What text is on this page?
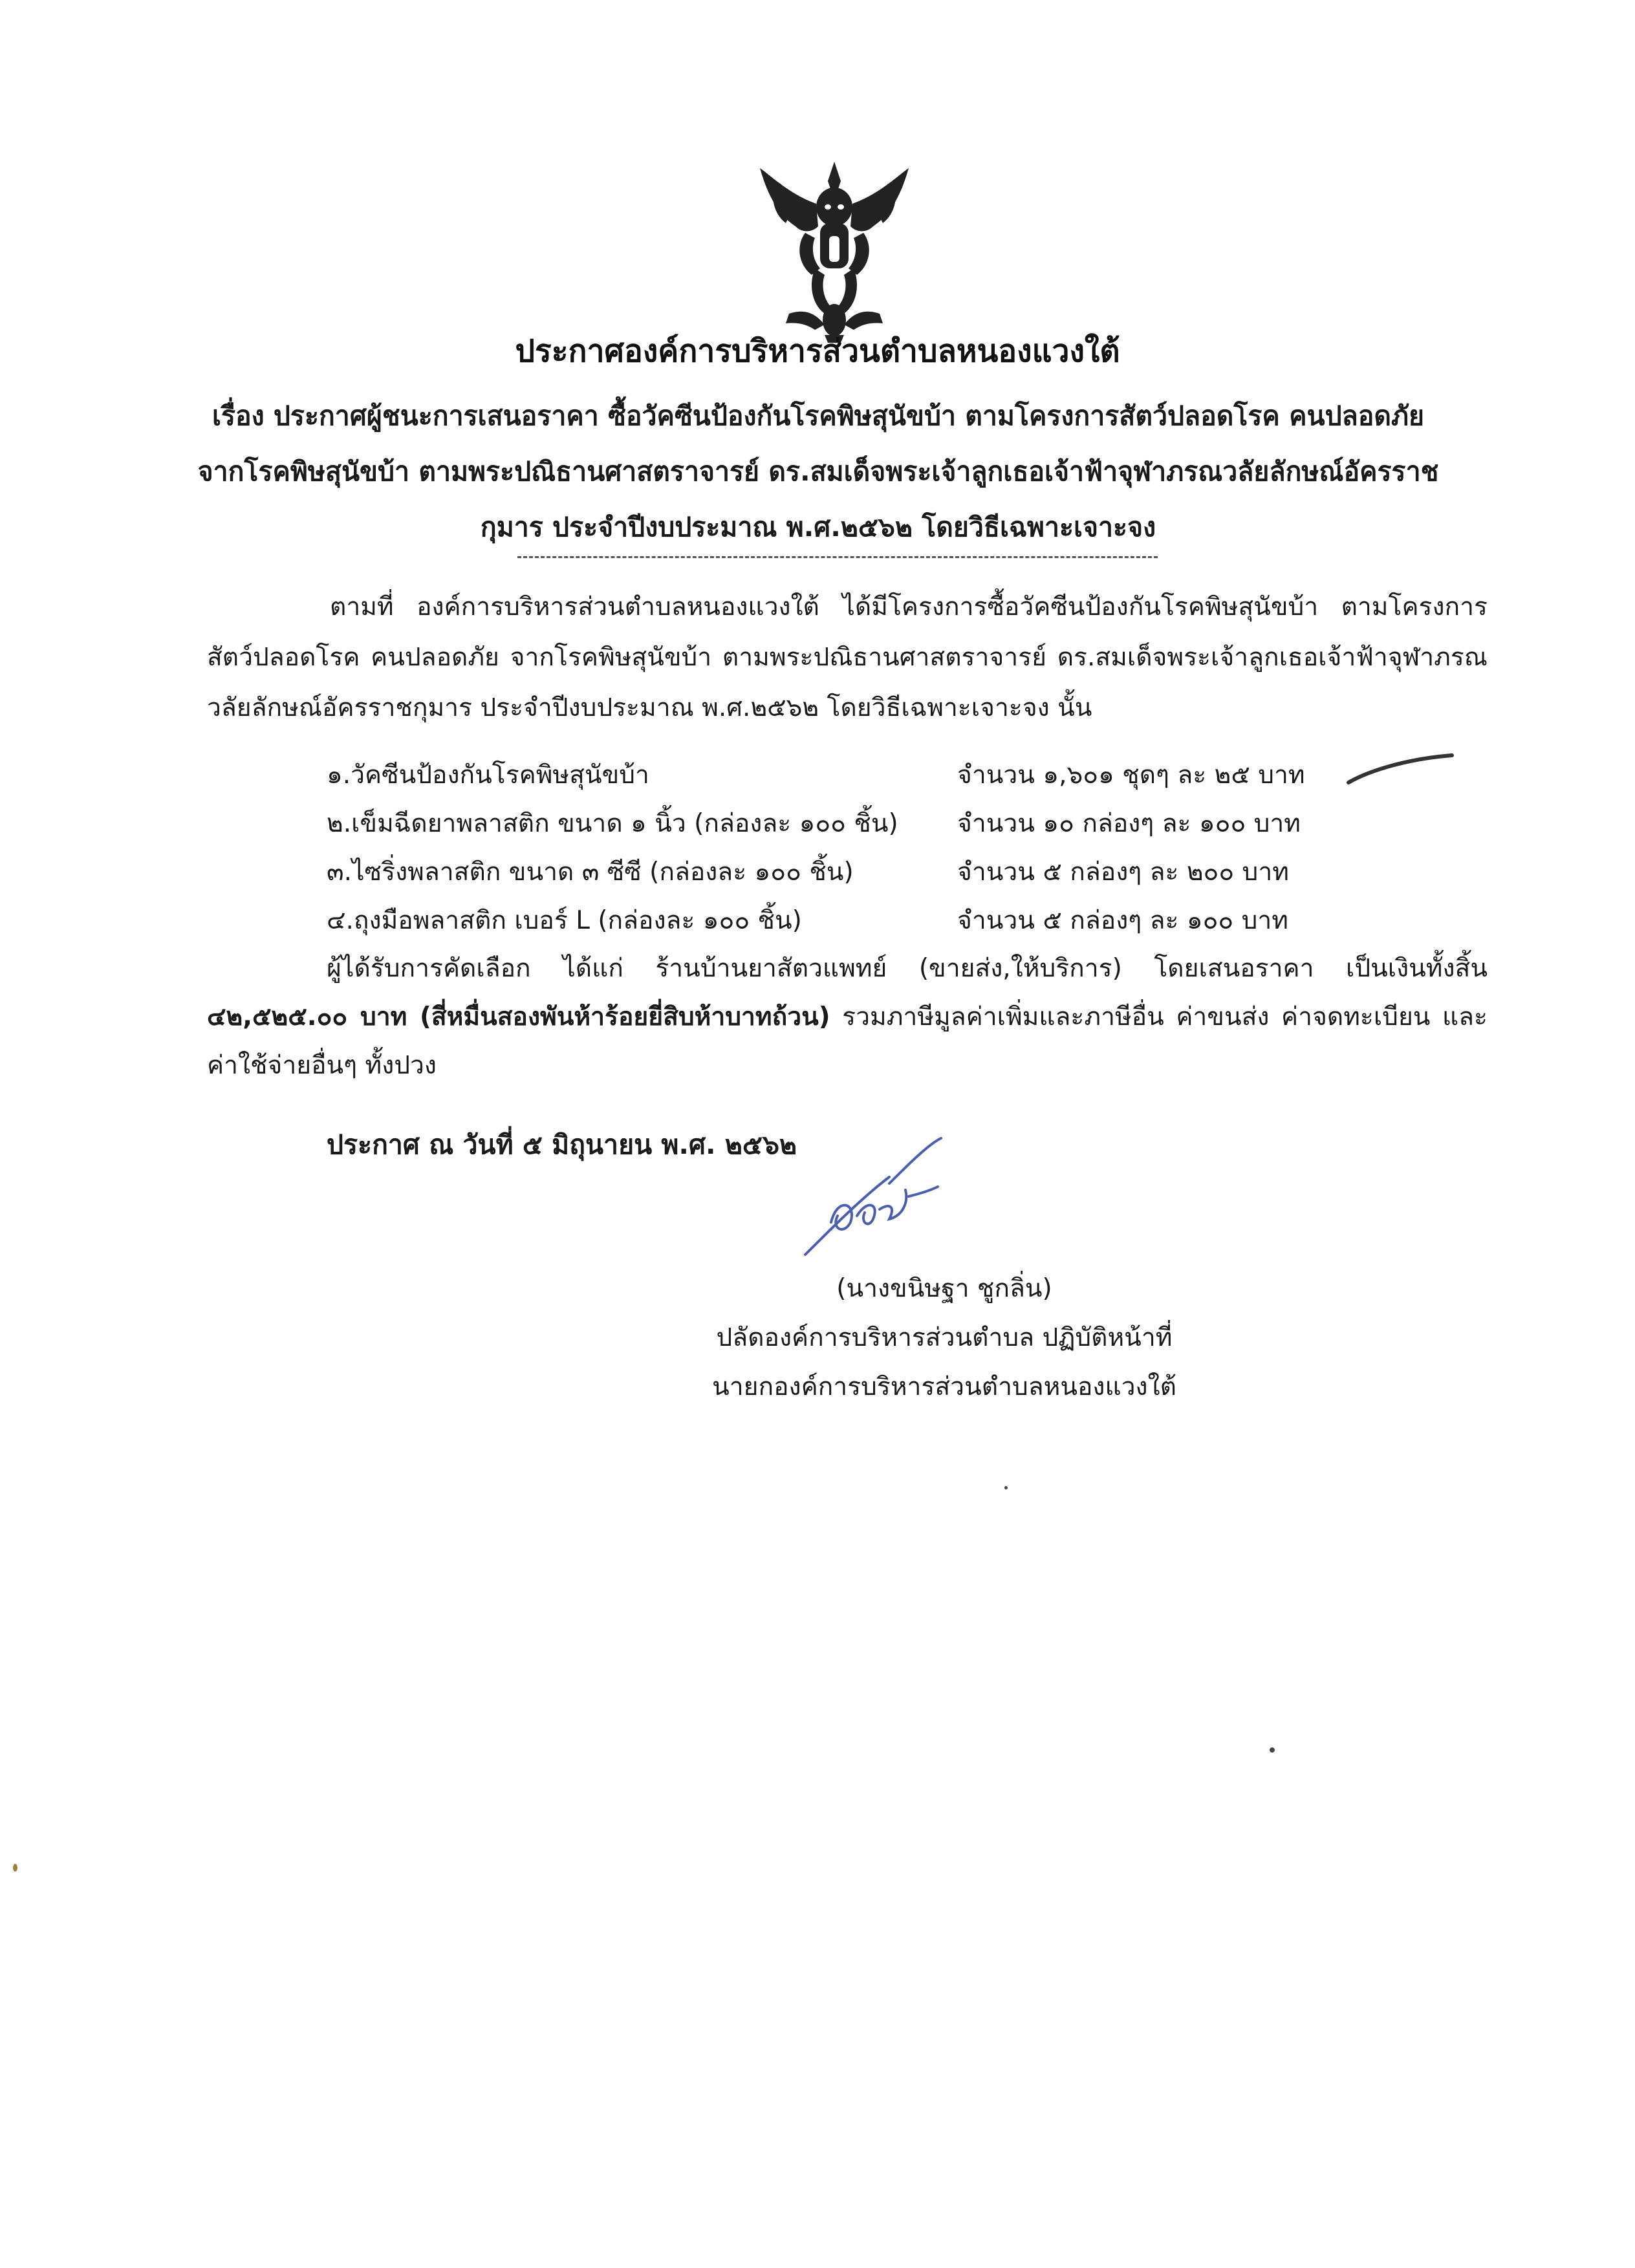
ประกาศองค์การบริหารส่วนตำบลหนองแวงใต้
เรื่อง ประกาศผู้ชนะการเสนอราคา ซื้อวัคซีนป้องกันโรคพิษสุนัขบ้า ตามโครงการสัตว์ปลอดโรค คนปลอดภัย
จากโรคพิษสุนัขบ้า ตามพระปณิธานศาสตราจารย์ ดร.สมเด็จพระเจ้าลูกเธอเจ้าฟ้าจุฬาภรณวลัยลักษณ์อัครราช
กุมาร ประจำปีงบประมาณ พ.ศ.๒๕๖๒ โดยวิธีเฉพาะเจาะจง
ตามที่ องค์การบริหารส่วนตำบลหนองแวงใต้ ได้มีโครงการซื้อวัคซีนป้องกันโรคพิษสุนัขบ้า ตามโครงการสัตว์ปลอดโรค คนปลอดภัย จากโรคพิษสุนัขบ้า ตามพระปณิธานศาสตราจารย์ ดร.สมเด็จพระเจ้าลูกเธอเจ้าฟ้าจุฬาภรณวลัยลักษณ์อัครราชกุมาร ประจำปีงบประมาณ พ.ศ.๒๕๖๒ โดยวิธีเฉพาะเจาะจง นั้น
๑.วัคซีนป้องกันโรคพิษสุนัขบ้า	จำนวน ๑,๖๐๑ ชุดๆ ละ ๒๕ บาท
๒.เข็มฉีดยาพลาสติก ขนาด ๑ นิ้ว (กล่องละ ๑๐๐ ชิ้น)	จำนวน ๑๐ กล่องๆ ละ ๑๐๐ บาท
๓.ไซริ่งพลาสติก ขนาด ๓ ซีซี (กล่องละ ๑๐๐ ชิ้น)	จำนวน ๕ กล่องๆ ละ ๒๐๐ บาท
๔.ถุงมือพลาสติก เบอร์ L (กล่องละ ๑๐๐ ชิ้น)	จำนวน ๕ กล่องๆ ละ ๑๐๐ บาท
ผู้ได้รับการคัดเลือก ได้แก่ ร้านบ้านยาสัตวแพทย์ (ขายส่ง,ให้บริการ) โดยเสนอราคา เป็นเงินทั้งสิ้น ๔๒,๕๒๕.๐๐ บาท (สี่หมื่นสองพันห้าร้อยยี่สิบห้าบาทถ้วน) รวมภาษีมูลค่าเพิ่มและภาษีอื่น ค่าขนส่ง ค่าจดทะเบียน และค่าใช้จ่ายอื่นๆ ทั้งปวง
ประกาศ ณ วันที่ ๕ มิถุนายน พ.ศ. ๒๕๖๒
(นางขนิษฐา ชูกลิ่น)
ปลัดองค์การบริหารส่วนตำบล ปฏิบัติหน้าที่
นายกองค์การบริหารส่วนตำบลหนองแวงใต้
